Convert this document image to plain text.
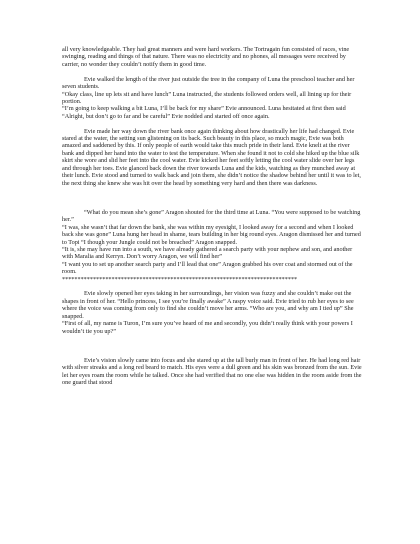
all very knowledgeable. They had great manners and were hard workers. The Tortragain fun consisted of races, vine swinging, reading and things of that nature. There was no electricity and no phones, all messages were received by carrier, no wonder they couldn’t notify them in good time.

Evie walked the length of the river just outside the tree in the company of Luna the preschool teacher and her seven students.

“Okay class, line up lets sit and have lunch” Luna instructed, the students followed orders well, all lining up for their portion.

“I’m going to keep walking a bit Luna, I’ll be back for my share” Evie announced. Luna hesitated at first then said “Alright, but don’t go to far and be careful” Evie nodded and started off once again.

Evie made her way down the river bank once again thinking about how drastically her life had changed. Evie stared at the water, the setting sun glistening on its back. Such beauty in this place, so much magic, Evie was both amazed and saddened by this. If only people of earth would take this much pride in their land. Evie knelt at the river bank and dipped her hand into the water to test the temperature. When she found it not to cold she hiked up the blue silk skirt she wore and slid her feet into the cool water. Evie kicked her feet softly letting the cool water slide over her legs and through her toes. Evie glanced back down the river towards Luna and the kids, watching as they munched away at their lunch. Evie stood and turned to walk back and join them, she didn’t notice the shadow behind her until it was to let, the next thing she knew she was hit over the head by something very hard and then there was darkness.

“What do you mean she’s gone” Aragon shouted for the third time at Luna. “You were supposed to be watching her.”

“I was, she wasn’t that far down the bank, she was within my eyesight, I looked away for a second and when I looked back she was gone” Luna hung her head in shame, tears building in her big round eyes. Aragon dismissed her and turned to Topi “I though your Jungle could not be breached” Aragon snapped.

“It is, she may have run into a south, we have already gathered a search party with your nephew and son, and another with Maralia and Kerryn. Don’t worry Aragon, we will find her”

“I want you to set up another search party and I’ll lead that one” Aragon grabbed his over coat and stormed out of the room.

****************************************************************************

Evie slowly opened her eyes taking in her surroundings, her vision was fuzzy and she couldn’t make out the shapes in front of her. “Hello princess, I see you’re finally awake” A raspy voice said. Evie tried to rub her eyes to see where the voice was coming from only to find she couldn’t move her arms. “Who are you, and why am I tied up” She snapped.

“First of all, my name is Turon, I’m sure you’ve heard of me and secondly, you didn’t really think with your powers I wouldn’t tie you up?”

Evie’s vision slowly came into focus and she stared up at the tall burly man in front of her. He had long red hair with silver streaks and a long red beard to match. His eyes were a dull green and his skin was bronzed from the sun. Evie let her eyes roam the room while he talked. Once she had verified that no one else was hidden in the room aside from the one guard that stood
